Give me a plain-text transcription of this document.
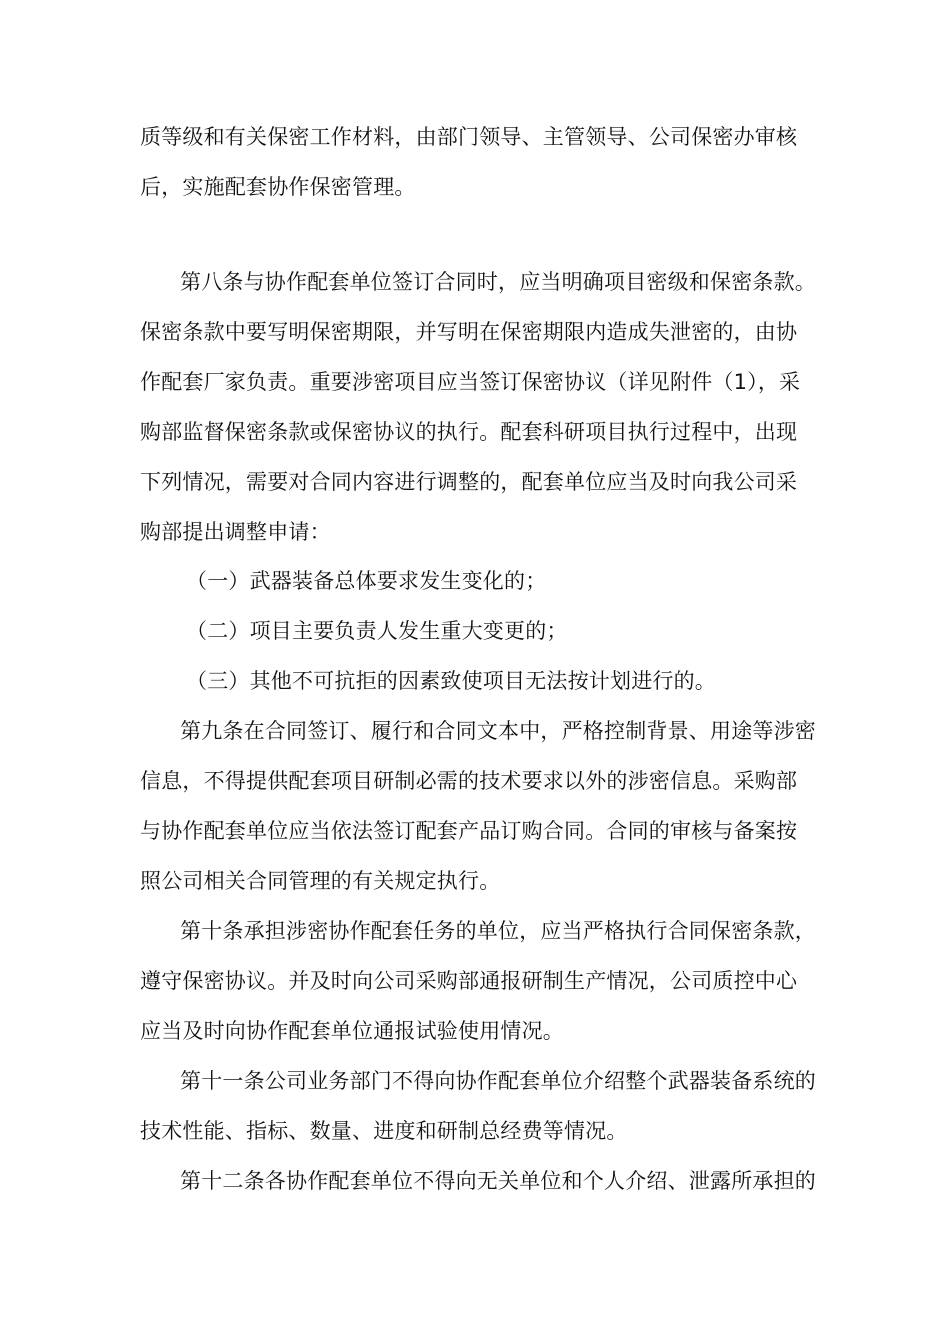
质等级和有关保密工作材料，由部门领导、主管领导、公司保密办审核
后，实施配套协作保密管理。
第八条与协作配套单位签订合同时，应当明确项目密级和保密条款。
保密条款中要写明保密期限，并写明在保密期限内造成失泄密的，由协
作配套厂家负责。重要涉密项目应当签订保密协议（详见附件（1），采
购部监督保密条款或保密协议的执行。配套科研项目执行过程中，出现
下列情况，需要对合同内容进行调整的，配套单位应当及时向我公司采
购部提出调整申请：
（一）武器装备总体要求发生变化的；
（二）项目主要负责人发生重大变更的；
（三）其他不可抗拒的因素致使项目无法按计划进行的。
第九条在合同签订、履行和合同文本中，严格控制背景、用途等涉密
信息，不得提供配套项目研制必需的技术要求以外的涉密信息。采购部
与协作配套单位应当依法签订配套产品订购合同。合同的审核与备案按
照公司相关合同管理的有关规定执行。
第十条承担涉密协作配套任务的单位，应当严格执行合同保密条款，
遵守保密协议。并及时向公司采购部通报研制生产情况，公司质控中心
应当及时向协作配套单位通报试验使用情况。
第十一条公司业务部门不得向协作配套单位介绍整个武器装备系统的
技术性能、指标、数量、进度和研制总经费等情况。
第十二条各协作配套单位不得向无关单位和个人介绍、泄露所承担的
